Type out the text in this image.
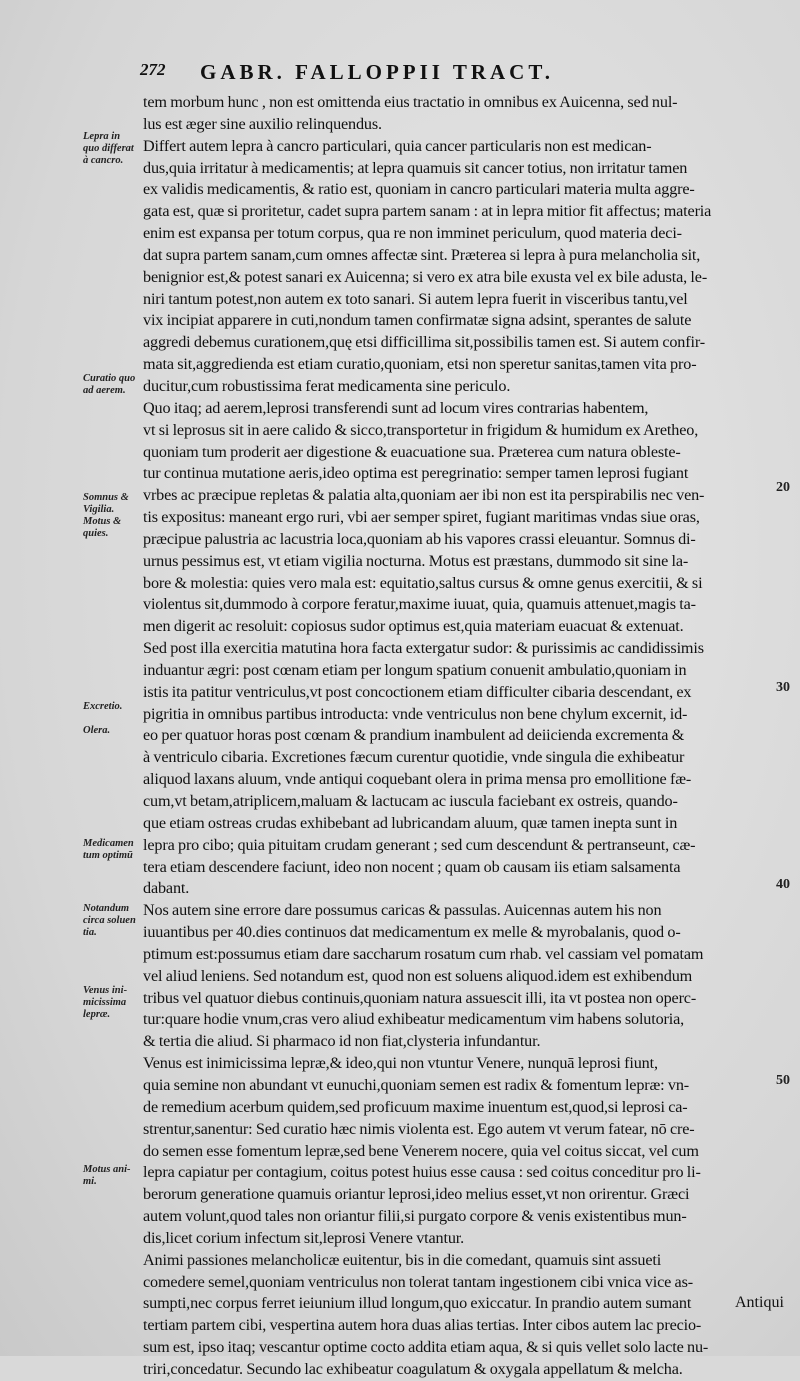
272 GABR. FALLOPPII TRACT.
tem morbum hunc , non est omittenda eius tractatio in omnibus ex Auicenna, sed nul-
lus est æger sine auxilio relinquendus.
Differt autem lepra à cancro particulari, quia cancer particularis non est medican-
dus,quia irritatur à medicamentis; at lepra quamuis sit cancer totius, non irritatur tamen
ex validis medicamentis, & ratio est, quoniam in cancro particulari materia multa aggre-
gata est, quæ si proritetur, cadet supra partem sanam : at in lepra mitior fit affectus; materia
enim est expansa per totum corpus, qua re non imminet periculum, quod materia deci-
dat supra partem sanam,cum omnes affectæ sint. Præterea si lepra à pura melancholia sit,
benignior est,& potest sanari ex Auicenna; si vero ex atra bile exusta vel ex bile adusta, le-
niri tantum potest,non autem ex toto sanari. Si autem lepra fuerit in visceribus tantu,vel
vix incipiat apparere in cuti,nondum tamen confirmatæ signa adsint, sperantes de salute
aggredi debemus curationem,quę etsi difficillima sit,possibilis tamen est. Si autem confir-
mata sit,aggredienda est etiam curatio,quoniam, etsi non speretur sanitas,tamen vita pro-
ducitur,cum robustissima ferat medicamenta sine periculo.
Quo itaq; ad aerem,leprosi transferendi sunt ad locum vires contrarias habentem,
vt si leprosus sit in aere calido & sicco,transportetur in frigidum & humidum ex Aretheo,
quoniam tum proderit aer digestione & euacuatione sua. Præterea cum natura obleste-
tur continua mutatione aeris,ideo optima est peregrinatio: semper tamen leprosi fugiant
vrbes ac præcipue repletas & palatia alta,quoniam aer ibi non est ita perspirabilis nec ven-
tis expositus: maneant ergo ruri, vbi aer semper spiret, fugiant maritimas vndas siue oras,
præcipue palustria ac lacustria loca,quoniam ab his vapores crassi eleuantur. Somnus di-
urnus pessimus est, vt etiam vigilia nocturna. Motus est præstans, dummodo sit sine la-
bore & molestia: quies vero mala est: equitatio,saltus cursus & omne genus exercitii, & si
violentus sit,dummodo à corpore feratur,maxime iuuat, quia, quamuis attenuet,magis ta-
men digerit ac resoluit: copiosus sudor optimus est,quia materiam euacuat & extenuat.
Sed post illa exercitia matutina hora facta extergatur sudor: & purissimis ac candidissimis
induantur ægri: post cœnam etiam per longum spatium conuenit ambulatio,quoniam in
istis ita patitur ventriculus,vt post concoctionem etiam difficulter cibaria descendant, ex
pigritia in omnibus partibus introducta: vnde ventriculus non bene chylum excernit, id-
eo per quatuor horas post cœnam & prandium inambulent ad deiicienda excrementa &
à ventriculo cibaria. Excretiones fæcum curentur quotidie, vnde singula die exhibeatur
aliquod laxans aluum, vnde antiqui coquebant olera in prima mensa pro emollitione fæ-
cum,vt betam,atriplicem,maluam & lactucam ac iuscula faciebant ex ostreis, quando-
que etiam ostreas crudas exhibebant ad lubricandam aluum, quæ tamen inepta sunt in
lepra pro cibo; quia pituitam crudam generant ; sed cum descendunt & pertranseunt, cæ-
tera etiam descendere faciunt, ideo non nocent ; quam ob causam iis etiam salsamenta
dabant.
Nos autem sine errore dare possumus caricas & passulas. Auicennas autem his non
iuuantibus per 40.dies continuos dat medicamentum ex melle & myrobalanis, quod o-
ptimum est:possumus etiam dare saccharum rosatum cum rhab. vel cassiam vel pomatam
vel aliud leniens. Sed notandum est, quod non est soluens aliquod.idem est exhibendum
tribus vel quatuor diebus continuis,quoniam natura assuescit illi, ita vt postea non operc-
tur:quare hodie vnum,cras vero aliud exhibeatur medicamentum vim habens solutoria,
& tertia die aliud. Si pharmaco id non fiat,clysteria infundantur.
Venus est inimicissima lepræ,& ideo,qui non vtuntur Venere, nunquā leprosi fiunt,
quia semine non abundant vt eunuchi,quoniam semen est radix & fomentum lepræ: vn-
de remedium acerbum quidem,sed proficuum maxime inuentum est,quod,si leprosi ca-
strentur,sanentur: Sed curatio hæc nimis violenta est. Ego autem vt verum fatear, nō cre-
do semen esse fomentum lepræ,sed bene Venerem nocere, quia vel coitus siccat, vel cum
lepra capiatur per contagium, coitus potest huius esse causa : sed coitus conceditur pro li-
berorum generatione quamuis oriantur leprosi,ideo melius esset,vt non orirentur. Græci
autem volunt,quod tales non oriantur filii,si purgato corpore & venis existentibus mun-
dis,licet corium infectum sit,leprosi Venere vtantur.
Animi passiones melancholicæ euitentur, bis in die comedant, quamuis sint assueti
comedere semel,quoniam ventriculus non tolerat tantam ingestionem cibi vnica vice as-
sumpti,nec corpus ferret ieiunium illud longum,quo exiccatur. In prandio autem sumant
tertiam partem cibi, vespertina autem hora duas alias tertias. Inter cibos autem lac precio-
sum est, ipso itaq; vescantur optime cocto addita etiam aqua, & si quis vellet solo lacte nu-
triri,concedatur. Secundo lac exhibeatur coagulatum & oxygala appellatum & melcha.
Lepra in
quo differat
à cancro.
Curatio quo
ad aerem.
Somnus &
Vigilia.
Motus &
quies.
Excretio.
Olera.
Medicamen
tum optimū
Notandum
circa soluen
tia.
Venus ini-
micissima
lepræ.
Motus ani-
mi.
20
30
40
50
Antiqui
